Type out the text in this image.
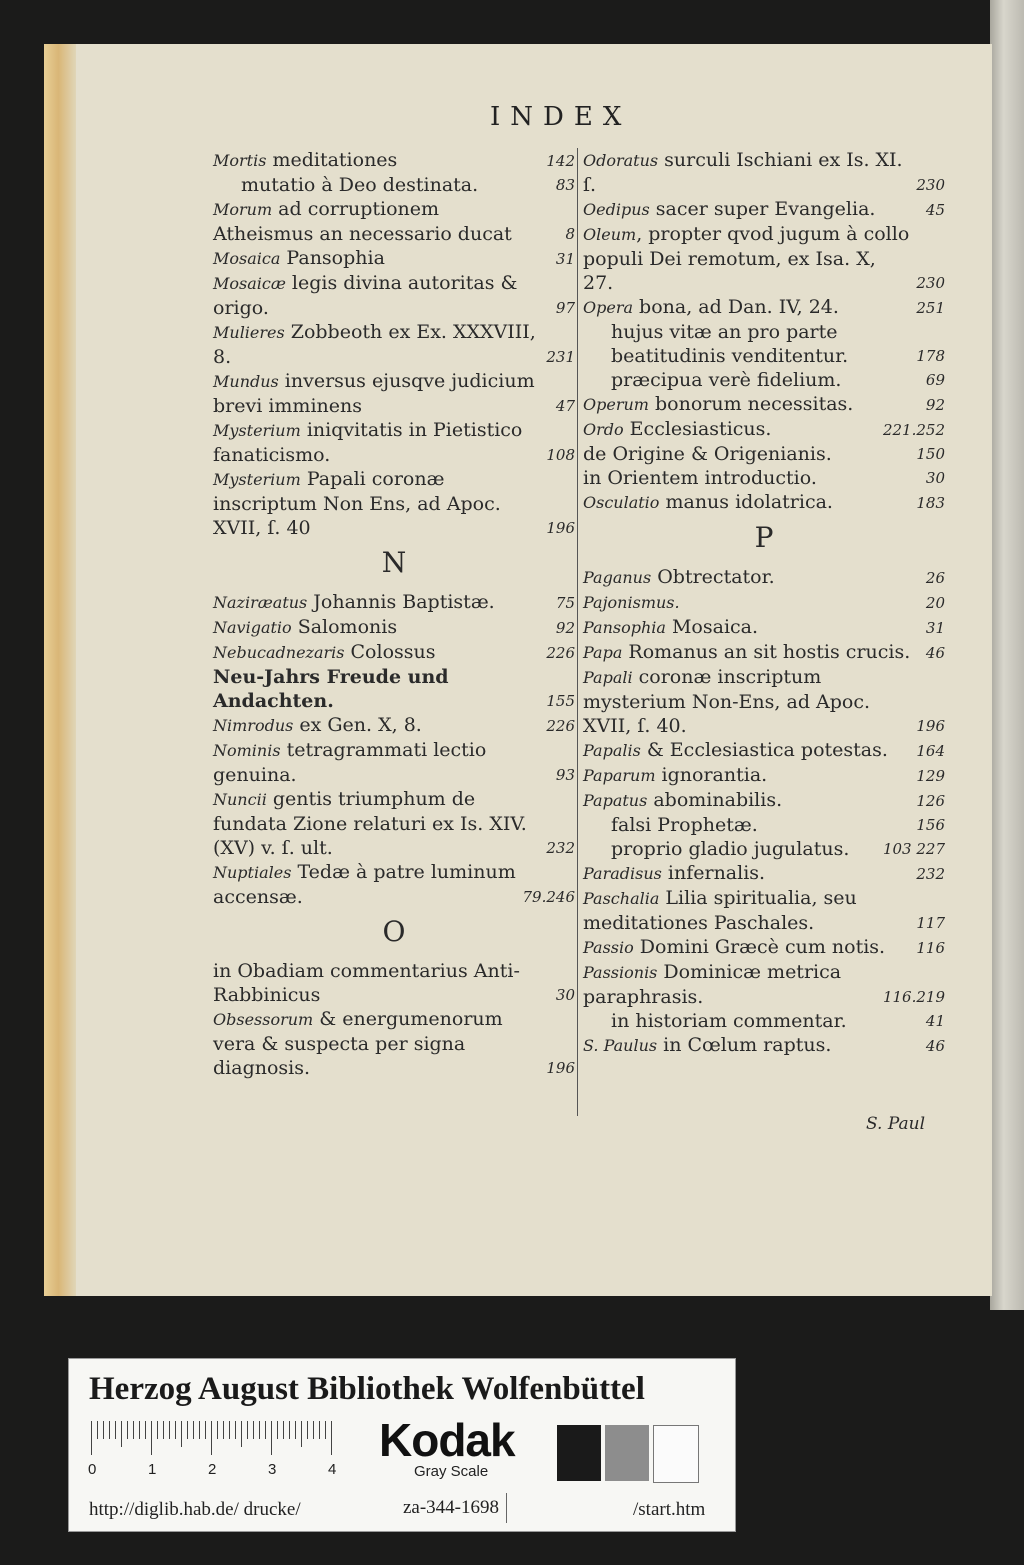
INDEX
Mortis meditationes	142
mutatio à Deo destinata.	83
Morum ad corruptionem Atheismus an necessario ducat	8
Mosaica Pansophia	31
Mosaicæ legis divina autoritas & origo.	97
Mulieres Zobbeoth ex Ex. XXXVIII, 8.	231
Mundus inversus ejusqve judicium brevi imminens	47
Mysterium iniqvitatis in Pietistico fanaticismo.	108
Mysterium Papali coronæ inscriptum Non Ens, ad Apoc. XVII, ſ. 40	196
N
Naziræatus Johannis Baptistæ.	75
Navigatio Salomonis	92
Nebucadnezaris Colossus	226
Neu-Jahrs Freude und Andachten.	155
Nimrodus ex Gen. X, 8.	226
Nominis tetragrammati lectio genuina.	93
Nuncii gentis triumphum de fundata Zione relaturi ex Is. XIV. (XV) v. ſ. ult.	232
Nuptiales Tedæ à patre luminum accensæ.	79.246
O
in Obadiam commentarius Anti-Rabbinicus	30
Obsessorum & energumenorum vera & suspecta per signa diagnosis.	196
Odoratus surculi Ischiani ex Is. XI. ſ.	230
Oedipus sacer super Evangelia.	45
Oleum, propter qvod jugum à collo populi Dei remotum, ex Isa. X, 27.	230
Opera bona, ad Dan. IV, 24.	251
hujus vitæ an pro parte beatitudinis venditentur.	178
præcipua verè fidelium.	69
Operum bonorum necessitas.	92
Ordo Ecclesiasticus.	221.252
de Origine & Origenianis.	150
in Orientem introductio.	30
Osculatio manus idolatrica.	183
P
Paganus Obtrectator.	26
Pajonismus.	20
Pansophia Mosaica.	31
Papa Romanus an sit hostis crucis. 46
Papali coronæ inscriptum mysterium Non-Ens, ad Apoc. XVII, ſ. 40.	196
Papalis & Ecclesiastica potestas. 164
Paparum ignorantia.	129
Papatus abominabilis.	126
falsi Prophetæ.	156
proprio gladio jugulatus. 103 227
Paradisus infernalis.	232
Paschalia Lilia spiritualia, seu meditationes Paschales.	117
Passio Domini Græcè cum notis. 116
Passionis Dominicæ metrica paraphrasis.	116.219
in historiam commentar.	41
S. Paulus in Cœlum raptus.	46
S. Paul
Herzog August Bibliothek Wolfenbüttel
0	1	2	3	4
Kodak
Gray Scale
http://diglib.hab.de/ drucke/	za-344-1698	/start.htm
